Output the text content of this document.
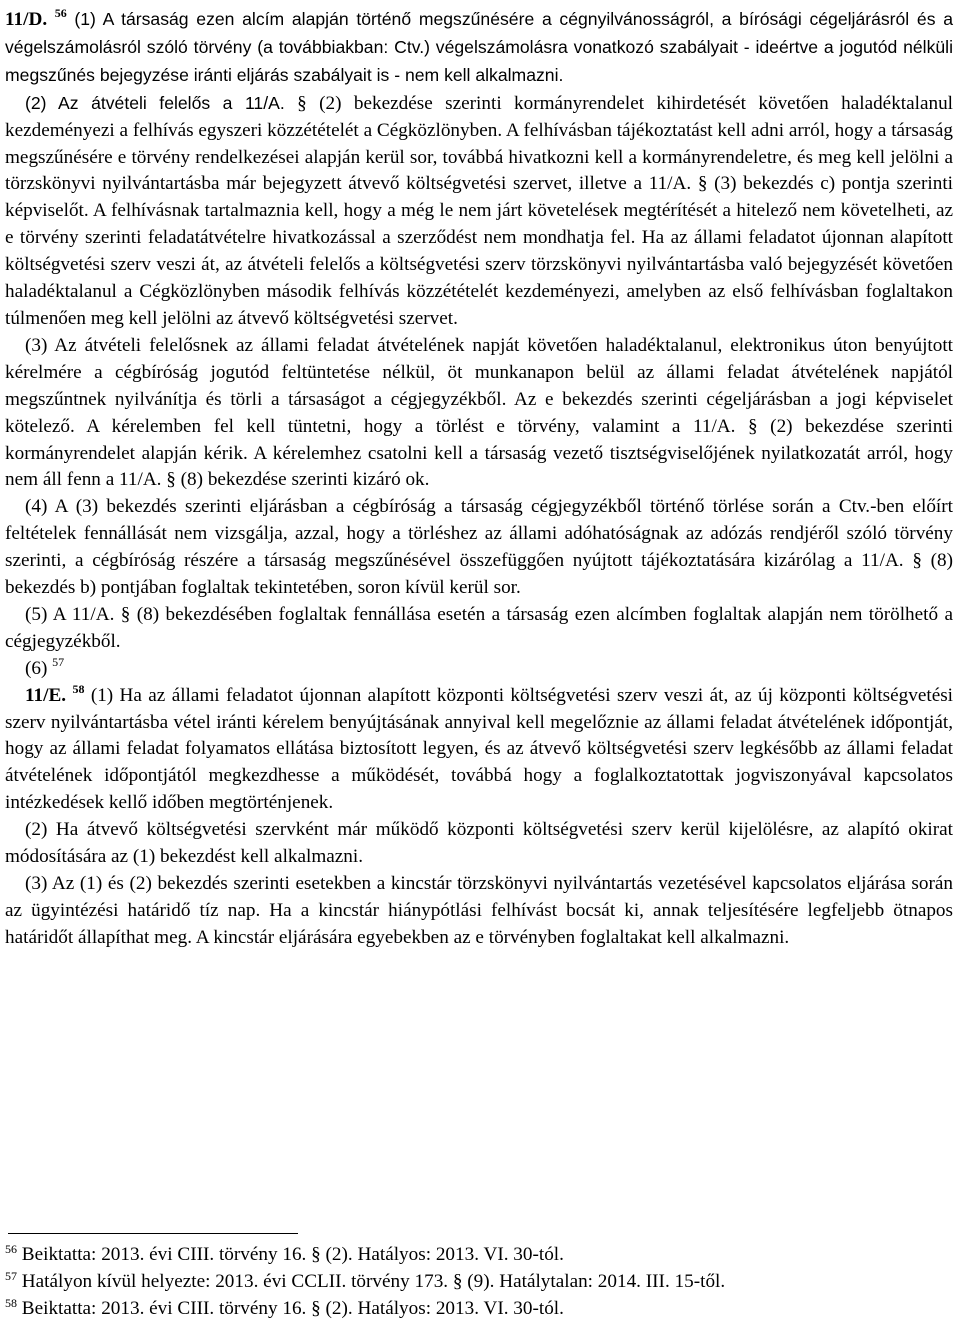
11/D. $^{56}$ (1) A társaság ezen alcím alapján történő megszűnésére a cégnyilvánosságról, a bírósági cégeljárásról és a végelszámolásról szóló törvény (a továbbiakban: Ctv.) végelszámolásra vonatkozó szabályait - ideértve a jogutód nélküli megszűnés bejegyzése iránti eljárás szabályait is - nem kell alkalmazni.

(2) Az átvételi felelős a 11/A. § (2) bekezdése szerinti kormányrendelet kihirdetését követően haladéktalanul kezdeményezi a felhívás egyszeri közzétételét a Cégközlönyben. A felhívásban tájékoztatást kell adni arról, hogy a társaság megszűnésére e törvény rendelkezései alapján kerül sor, továbbá hivatkozni kell a kormányrendeletre, és meg kell jelölni a törzskönyvi nyilvántartásba már bejegyzett átvevő költségvetési szervet, illetve a 11/A. § (3) bekezdés c) pontja szerinti képviselőt. A felhívásnak tartalmaznia kell, hogy a még le nem járt követelések megtérítését a hitelező nem követelheti, az e törvény szerinti feladatátvételre hivatkozással a szerződést nem mondhatja fel. Ha az állami feladatot újonnan alapított költségvetési szerv veszi át, az átvételi felelős a költségvetési szerv törzskönyvi nyilvántartásba való bejegyzését követően haladéktalanul a Cégközlönyben második felhívás közzétételét kezdeményezi, amelyben az első felhívásban foglaltakon túlmenően meg kell jelölni az átvevő költségvetési szervet.

(3) Az átvételi felelősnek az állami feladat átvételének napját követően haladéktalanul, elektronikus úton benyújtott kérelmére a cégbíróság jogutód feltüntetése nélkül, öt munkanapon belül az állami feladat átvételének napjától megszűntnek nyilvánítja és törli a társaságot a cégjegyzékből. Az e bekezdés szerinti cégeljárásban a jogi képviselet kötelező. A kérelemben fel kell tüntetni, hogy a törlést e törvény, valamint a 11/A. § (2) bekezdése szerinti kormányrendelet alapján kérik. A kérelemhez csatolni kell a társaság vezető tisztségviselőjének nyilatkozatát arról, hogy nem áll fenn a 11/A. § (8) bekezdése szerinti kizáró ok.

(4) A (3) bekezdés szerinti eljárásban a cégbíróság a társaság cégjegyzékből történő törlése során a Ctv.-ben előírt feltételek fennállását nem vizsgálja, azzal, hogy a törléshez az állami adóhatóságnak az adózás rendjéről szóló törvény szerinti, a cégbíróság részére a társaság megszűnésével összefüggően nyújtott tájékoztatására kizárólag a 11/A. § (8) bekezdés b) pontjában foglaltak tekintetében, soron kívül kerül sor.

(5) A 11/A. § (8) bekezdésében foglaltak fennállása esetén a társaság ezen alcímben foglaltak alapján nem törölhető a cégjegyzékből.

(6) $^{57}$

11/E. $^{58}$ (1) Ha az állami feladatot újonnan alapított központi költségvetési szerv veszi át, az új központi költségvetési szerv nyilvántartásba vétel iránti kérelem benyújtásának annyival kell megelőznie az állami feladat átvételének időpontját, hogy az állami feladat folyamatos ellátása biztosított legyen, és az átvevő költségvetési szerv legkésőbb az állami feladat átvételének időpontjától megkezdhesse a működését, továbbá hogy a foglalkoztatottak jogviszonyával kapcsolatos intézkedések kellő időben megtörténjenek.

(2) Ha átvevő költségvetési szervként már működő központi költségvetési szerv kerül kijelölésre, az alapító okirat módosítására az (1) bekezdést kell alkalmazni.

(3) Az (1) és (2) bekezdés szerinti esetekben a kincstár törzskönyvi nyilvántartás vezetésével kapcsolatos eljárása során az ügyintézési határidő tíz nap. Ha a kincstár hiánypótlási felhívást bocsát ki, annak teljesítésére legfeljebb ötnapos határidőt állapíthat meg. A kincstár eljárására egyebekben az e törvényben foglaltakat kell alkalmazni.

$^{56}$ Beiktatta: 2013. évi CIII. törvény 16. § (2). Hatályos: 2013. VI. 30-tól.

$^{57}$ Hatályon kívül helyezte: 2013. évi CCLII. törvény 173. § (9). Hatálytalan: 2014. III. 15-től.

$^{58}$ Beiktatta: 2013. évi CIII. törvény 16. § (2). Hatályos: 2013. VI. 30-tól.
